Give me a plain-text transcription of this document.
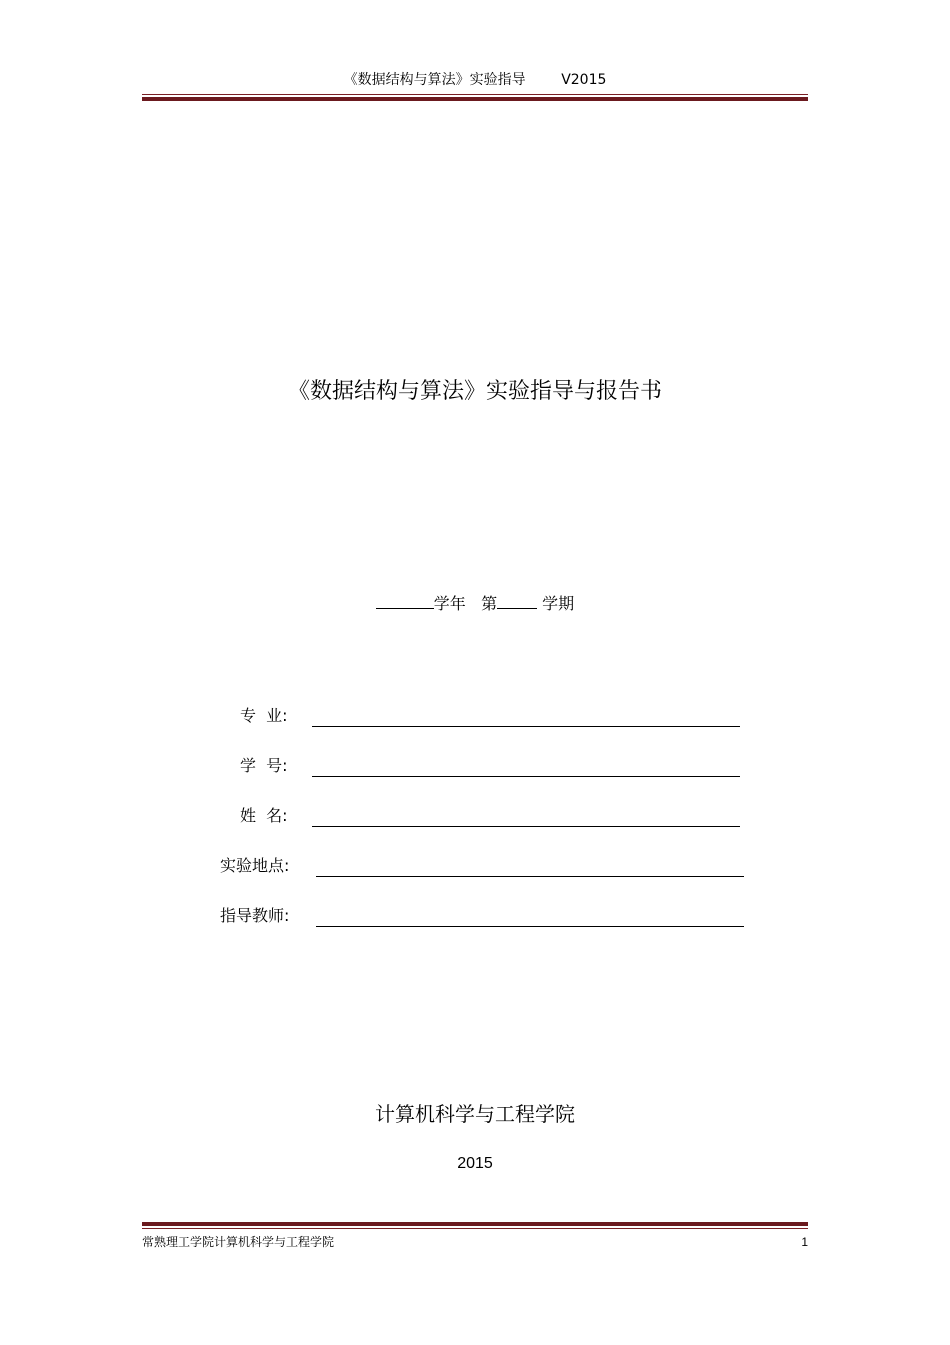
《数据结构与算法》实验指导        V2015
《数据结构与算法》实验指导与报告书
学年 第	学期
专  业:
学  号:
姓  名:
实验地点:
指导教师:
计算机科学与工程学院
2015
常熟理工学院计算机科学与工程学院	1
